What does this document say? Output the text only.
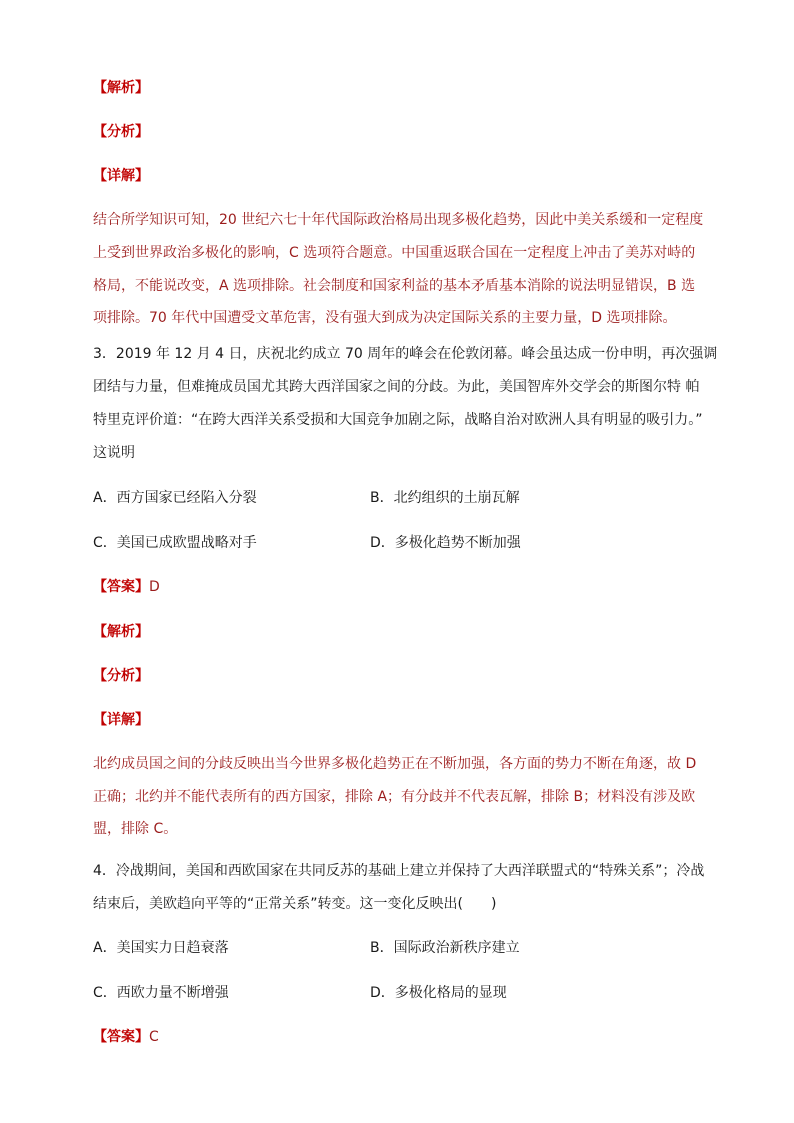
【解析】
【分析】
【详解】
结合所学知识可知，20 世纪六七十年代国际政治格局出现多极化趋势，因此中美关系缓和一定程度
上受到世界政治多极化的影响，C 选项符合题意。中国重返联合国在一定程度上冲击了美苏对峙的
格局，不能说改变，A 选项排除。社会制度和国家利益的基本矛盾基本消除的说法明显错误，B 选
项排除。70 年代中国遭受文革危害，没有强大到成为决定国际关系的主要力量，D 选项排除。
3．2019 年 12 月 4 日，庆祝北约成立 70 周年的峰会在伦敦闭幕。峰会虽达成一份申明，再次强调
团结与力量，但难掩成员国尤其跨大西洋国家之间的分歧。为此，美国智库外交学会的斯图尔特 帕
特里克评价道：“在跨大西洋关系受损和大国竞争加剧之际，战略自治对欧洲人具有明显的吸引力。”
这说明
A．西方国家已经陷入分裂	B．北约组织的土崩瓦解
C．美国已成欧盟战略对手	D．多极化趋势不断加强
【答案】D
【解析】
【分析】
【详解】
北约成员国之间的分歧反映出当今世界多极化趋势正在不断加强，各方面的势力不断在角逐，故 D
正确；北约并不能代表所有的西方国家，排除 A；有分歧并不代表瓦解，排除 B；材料没有涉及欧
盟，排除 C。
4．冷战期间，美国和西欧国家在共同反苏的基础上建立并保持了大西洋联盟式的“特殊关系”；冷战
结束后，美欧趋向平等的“正常关系”转变。这一变化反映出(　　)
A．美国实力日趋衰落	B．国际政治新秩序建立
C．西欧力量不断增强	D．多极化格局的显现
【答案】C
